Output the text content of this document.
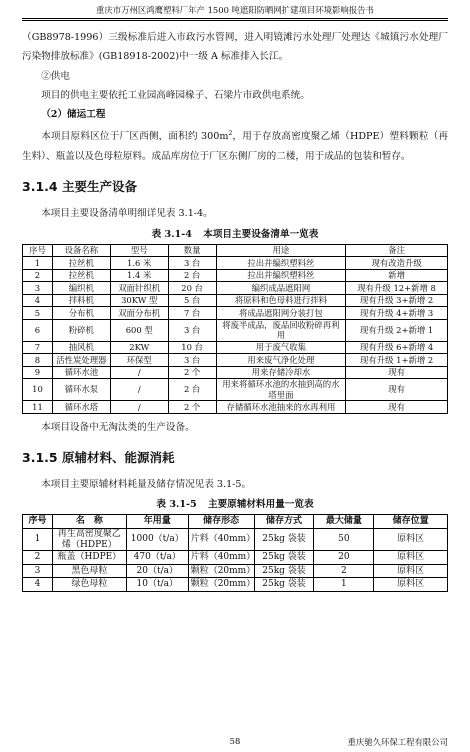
重庆市万州区鸿鹰塑料厂年产 1500 吨遮阳防晒网扩建项目环境影响报告书

（GB8978-1996）三级标准后进入市政污水管网，进入明镜滩污水处理厂处理达《城镇污水处理厂污染物排放标准》(GB18918-2002)中一级 A 标准排入长江。

②供电

项目的供电主要依托工业园高峰园椽子、石梁片市政供电系统。

（2）储运工程

本项目原料区位于厂区西侧，面积约 $300m^2$，用于存放高密度聚乙烯（HDPE）塑料颗粒（再生料）、瓶盖以及色母粒原料。成品库房位于厂区东侧厂房的二楼，用于成品的包装和暂存。

3.1.4 主要生产设备

本项目主要设备清单明细详见表 3.1-4。

表 3.1-4 本项目主要设备清单一览表
序号	设备名称	型号	数量	用途	备注
1	拉丝机	1.6 米	3 台	拉出并编织塑料丝	现有改造升级
2	拉丝机	1.4 米	2 台	拉出并编织塑料丝	新增
3	编织机	双面针织机	20 台	编织成品遮阳网	现有升级 12+新增 8
4	拌料机	30KW 型	5 台	将原料和色母料进行拌料	现有升级 3+新增 2
5	分布机	双面分布机	7 台	将成品遮阳网分装打包	现有升级 4+新增 3
6	粉碎机	600 型	3 台	将废半成品，废品回收粉碎再利用	现有升级 2+新增 1
7	抽风机	2KW	10 台	用于废气收集	现有升级 6+新增 4
8	活性炭处理器	环保型	3 台	用来废气净化处理	现有升级 1+新增 2
9	循环水池	/	2 个	用来存储冷却水	现有
10	循环水泵	/	2 台	用来将循环水池的水抽到高的水塔里面	现有
11	循环水塔	/	2 个	存储循环水池抽来的水再利用	现有

本项目设备中无淘汰类的生产设备。

3.1.5 原辅材料、能源消耗

本项目主要原辅材料耗量及储存情况见表 3.1-5。

表 3.1-5 主要原辅材料用量一览表
序号	名　称	年用量	储存形态	储存方式	最大储量	储存位置
1	再生高密度聚乙烯（HDPE）	1000（t/a）	片料（40mm）	25kg 袋装	50	原料区
2	瓶盖（HDPE）	470（t/a）	片料（40mm）	25kg 袋装	20	原料区
3	黑色母粒	20（t/a）	颗粒（20mm）	25kg 袋装	2	原料区
4	绿色母粒	10（t/a）	颗粒（20mm）	25kg 袋装	1	原料区
58	重庆驰久环保工程有限公司
